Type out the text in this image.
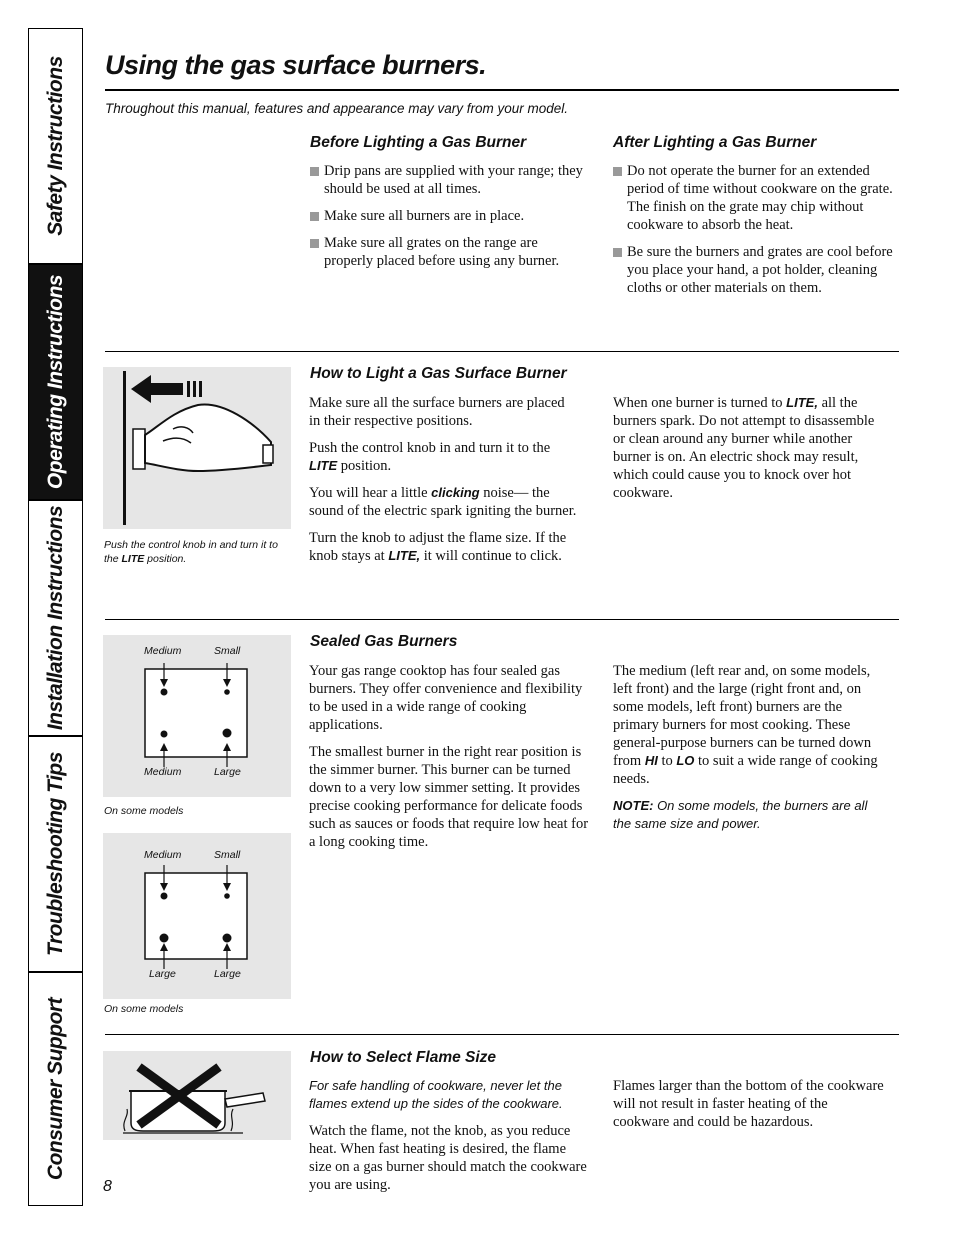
Safety Instructions
Operating Instructions
Installation Instructions
Troubleshooting Tips
Consumer Support
Using the gas surface burners.
Throughout this manual, features and appearance may vary from your model.
Before Lighting a Gas Burner
Drip pans are supplied with your range; they should be used at all times.
Make sure all burners are in place.
Make sure all grates on the range are properly placed before using any burner.
After Lighting a Gas Burner
Do not operate the burner for an extended period of time without cookware on the grate. The finish on the grate may chip without cookware to absorb the heat.
Be sure the burners and grates are cool before you place your hand, a pot holder, cleaning cloths or other materials on them.
Push the control knob in and turn it to the LITE position.
How to Light a Gas Surface Burner

Make sure all the surface burners are placed in their respective positions.

Push the control knob in and turn it to the LITE position.

You will hear a little clicking noise— the sound of the electric spark igniting the burner.

Turn the knob to adjust the flame size. If the knob stays at LITE, it will continue to click.

When one burner is turned to LITE, all the burners spark. Do not attempt to disassemble or clean around any burner while another burner is on. An electric shock may result, which could cause you to knock over hot cookware.

Medium	Small
Medium	Large
On some models
Medium	Small
Large	Large
On some models
Sealed Gas Burners

Your gas range cooktop has four sealed gas burners. They offer convenience and flexibility to be used in a wide range of cooking applications.

The smallest burner in the right rear position is the simmer burner. This burner can be turned down to a very low simmer setting. It provides precise cooking performance for delicate foods such as sauces or foods that require low heat for a long cooking time.

The medium (left rear and, on some models, left front) and the large (right front and, on some models, left front) burners are the primary burners for most cooking. These general-purpose burners can be turned down from HI to LO to suit a wide range of cooking needs.

NOTE: On some models, the burners are all the same size and power.

How to Select Flame Size

For safe handling of cookware, never let the flames extend up the sides of the cookware.

Watch the flame, not the knob, as you reduce heat. When fast heating is desired, the flame size on a gas burner should match the cookware you are using.

Flames larger than the bottom of the cookware will not result in faster heating of the cookware and could be hazardous.

8
